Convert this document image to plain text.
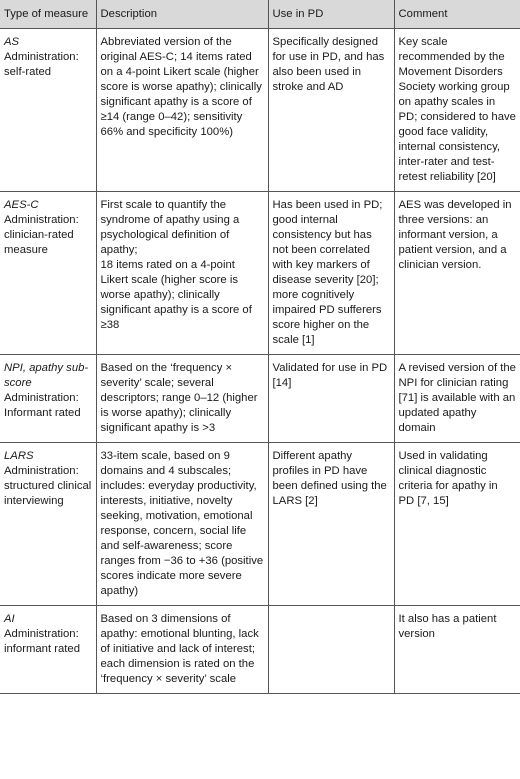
Type of measure	Description	Use in PD	Comment

AS
Administration: self-rated	Abbreviated version of the original AES-C; 14 items rated on a 4-point Likert scale (higher score is worse apathy); clinically significant apathy is a score of ≥14 (range 0–42); sensitivity 66% and specificity 100%)	Specifically designed for use in PD, and has also been used in stroke and AD	Key scale recommended by the Movement Disorders Society working group on apathy scales in PD; considered to have good face validity, internal consistency, inter-rater and test-retest reliability [20]

AES-C
Administration: clinician-rated measure	First scale to quantify the syndrome of apathy using a psychological definition of apathy;
18 items rated on a 4-point Likert scale (higher score is worse apathy); clinically significant apathy is a score of ≥38	Has been used in PD; good internal consistency but has not been correlated with key markers of disease severity [20]; more cognitively impaired PD sufferers score higher on the scale [1]	AES was developed in three versions: an informant version, a patient version, and a clinician version.

NPI, apathy sub-score
Administration: Informant rated	Based on the ‘frequency × severity’ scale; several descriptors; range 0–12 (higher is worse apathy); clinically significant apathy is >3	Validated for use in PD [14]	A revised version of the NPI for clinician rating [71] is available with an updated apathy domain

LARS
Administration: structured clinical interviewing	33-item scale, based on 9 domains and 4 subscales; includes: everyday productivity, interests, initiative, novelty seeking, motivation, emotional response, concern, social life and self-awareness; score ranges from −36 to +36 (positive scores indicate more severe apathy)	Different apathy profiles in PD have been defined using the LARS [2]	Used in validating clinical diagnostic criteria for apathy in PD [7, 15]

AI
Administration: informant rated	Based on 3 dimensions of apathy: emotional blunting, lack of initiative and lack of interest;
each dimension is rated on the ‘frequency × severity’ scale		It also has a patient version
